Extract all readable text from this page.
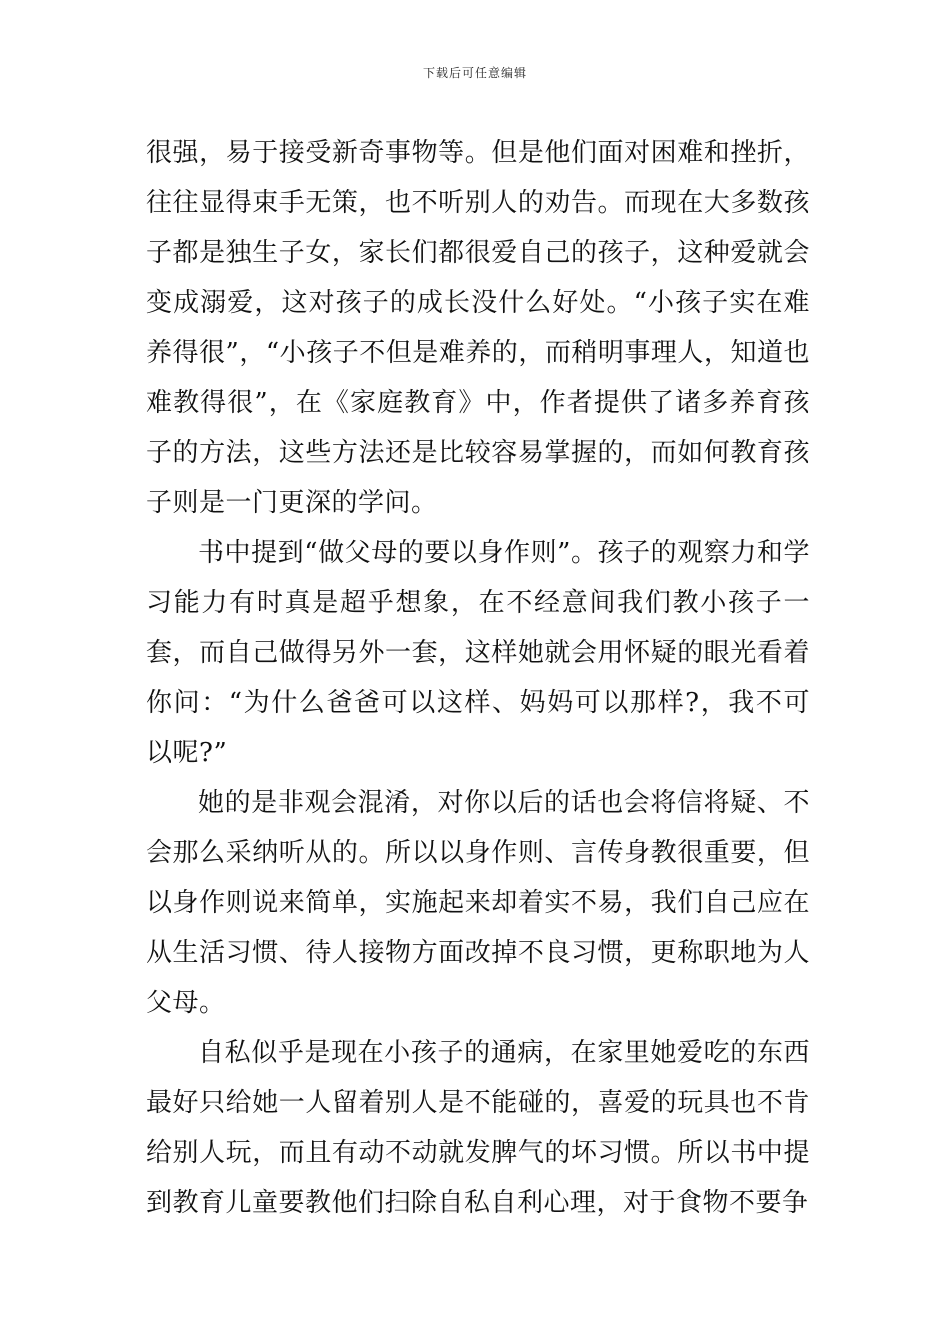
下载后可任意编辑

很强，易于接受新奇事物等。但是他们面对困难和挫折，往往显得束手无策，也不听别人的劝告。而现在大多数孩子都是独生子女，家长们都很爱自己的孩子，这种爱就会变成溺爱，这对孩子的成长没什么好处。“小孩子实在难养得很”，“小孩子不但是难养的，而稍明事理人，知道也难教得很”，在《家庭教育》中，作者提供了诸多养育孩子的方法，这些方法还是比较容易掌握的，而如何教育孩子则是一门更深的学问。

书中提到“做父母的要以身作则”。孩子的观察力和学习能力有时真是超乎想象，在不经意间我们教小孩子一套，而自己做得另外一套，这样她就会用怀疑的眼光看着你问：“为什么爸爸可以这样、妈妈可以那样?，我不可以呢?”

她的是非观会混淆，对你以后的话也会将信将疑、不会那么采纳听从的。所以以身作则、言传身教很重要，但以身作则说来简单，实施起来却着实不易，我们自己应在从生活习惯、待人接物方面改掉不良习惯，更称职地为人父母。

自私似乎是现在小孩子的通病，在家里她爱吃的东西最好只给她一人留着别人是不能碰的，喜爱的玩具也不肯给别人玩，而且有动不动就发脾气的坏习惯。所以书中提到教育儿童要教他们扫除自私自利心理，对于食物不要争
